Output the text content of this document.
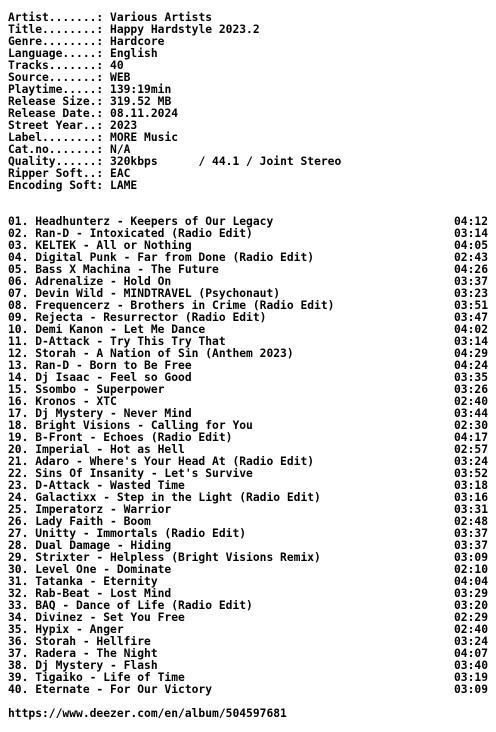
Artist.......: Various Artists
Title........: Happy Hardstyle 2023.2
Genre........: Hardcore
Language.....: English
Tracks.......: 40
Source.......: WEB
Playtime.....: 139:19min
Release Size.: 319.52 MB
Release Date.: 08.11.2024
Street Year..: 2023
Label........: MORE Music
Cat.no.......: N/A
Quality......: 320kbps      / 44.1 / Joint Stereo
Ripper Soft..: EAC
Encoding Soft: LAME
01. Headhunterz - Keepers of Our Legacy	04:12
02. Ran-D - Intoxicated (Radio Edit)	03:14
03. KELTEK - All or Nothing	04:05
04. Digital Punk - Far from Done (Radio Edit)	02:43
05. Bass X Machina - The Future	04:26
06. Adrenalize - Hold On	03:37
07. Devin Wild - MINDTRAVEL (Psychonaut)	03:23
08. Frequencerz - Brothers in Crime (Radio Edit)	03:51
09. Rejecta - Resurrector (Radio Edit)	03:47
10. Demi Kanon - Let Me Dance	04:02
11. D-Attack - Try This Try That	03:14
12. Storah - A Nation of Sin (Anthem 2023)	04:29
13. Ran-D - Born to Be Free	04:24
14. Dj Isaac - Feel so Good	03:35
15. Ssombo - Superpower	03:26
16. Kronos - XTC	02:40
17. Dj Mystery - Never Mind	03:44
18. Bright Visions - Calling for You	02:30
19. B-Front - Echoes (Radio Edit)	04:17
20. Imperial - Hot as Hell	02:57
21. Adaro - Where's Your Head At (Radio Edit)	03:24
22. Sins Of Insanity - Let's Survive	03:52
23. D-Attack - Wasted Time	03:18
24. Galactixx - Step in the Light (Radio Edit)	03:16
25. Imperatorz - Warrior	03:31
26. Lady Faith - Boom	02:48
27. Unitty - Immortals (Radio Edit)	03:37
28. Dual Damage - Hiding	03:37
29. Strixter - Helpless (Bright Visions Remix)	03:09
30. Level One - Dominate	02:10
31. Tatanka - Eternity	04:04
32. Rab-Beat - Lost Mind	03:29
33. BAQ - Dance of Life (Radio Edit)	03:20
34. Divinez - Set You Free	02:29
35. Hypix - Anger	02:40
36. Storah - Hellfire	03:24
37. Radera - The Night	04:07
38. Dj Mystery - Flash	03:40
39. Tigaiko - Life of Time	03:19
40. Eternate - For Our Victory	03:09
https://www.deezer.com/en/album/504597681
